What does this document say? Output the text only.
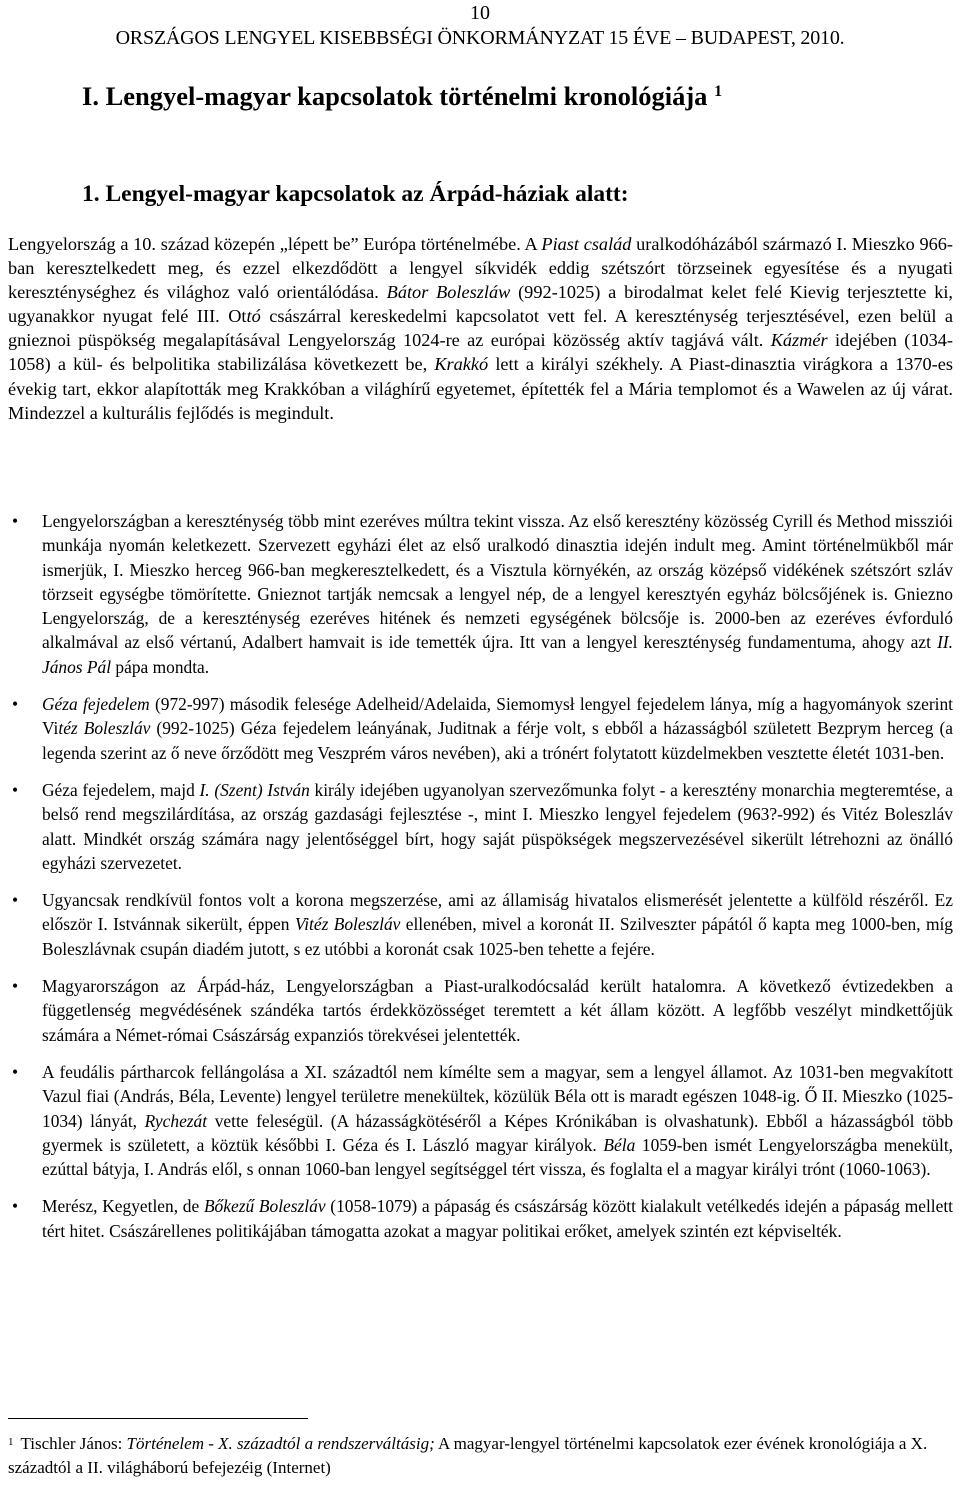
10
ORSZÁGOS LENGYEL KISEBBSÉGI ÖNKORMÁNYZAT 15 ÉVE – BUDAPEST, 2010.
I. Lengyel-magyar kapcsolatok történelmi kronológiája $^1$
1. Lengyel-magyar kapcsolatok az Árpád-háziak alatt:
Lengyelország a 10. század közepén „lépett be” Európa történelmébe. A Piast család uralkodóházából származó I. Mieszko 966-ban keresztelkedett meg, és ezzel elkezdődött a lengyel síkvidék eddig szétszórt törzseinek egyesítése és a nyugati kereszténységhez és világhoz való orientálódása. Bátor Boleszláw (992-1025) a birodalmat kelet felé Kievig terjesztette ki, ugyanakkor nyugat felé III. Ottó császárral kereskedelmi kapcsolatot vett fel. A kereszténység terjesztésével, ezen belül a gnieznoi püspökség megalapításával Lengyelország 1024-re az európai közösség aktív tagjává vált. Kázmér idejében (1034-1058) a kül- és belpolitika stabilizálása következett be, Krakkó lett a királyi székhely. A Piast-dinasztia virágkora a 1370-es évekig tart, ekkor alapították meg Krakkóban a világhírű egyetemet, építették fel a Mária templomot és a Wawelen az új várat. Mindezzel a kulturális fejlődés is megindult.
• Lengyelországban a kereszténység több mint ezeréves múltra tekint vissza. Az első keresztény közösség Cyrill és Method missziói munkája nyomán keletkezett. Szervezett egyházi élet az első uralkodó dinasztia idején indult meg. Amint történelmükből már ismerjük, I. Mieszko herceg 966-ban megkeresztelkedett, és a Visztula környékén, az ország középső vidékének szétszórt szláv törzseit egységbe tömörítette. Gnieznot tartják nemcsak a lengyel nép, de a lengyel keresztyén egyház bölcsőjének is. Gniezno Lengyelország, de a kereszténység ezeréves hitének és nemzeti egységének bölcsője is. 2000-ben az ezeréves évforduló alkalmával az első vértanú, Adalbert hamvait is ide temették újra. Itt van a lengyel kereszténység fundamentuma, ahogy azt II. János Pál pápa mondta.
• Géza fejedelem (972-997) második felesége Adelheid/Adelaida, Siemomysł lengyel fejedelem lánya, míg a hagyományok szerint Vitéz Boleszláv (992-1025) Géza fejedelem leányának, Juditnak a férje volt, s ebből a házasságból született Bezprym herceg (a legenda szerint az ő neve őrződött meg Veszprém város nevében), aki a trónért folytatott küzdelmekben vesztette életét 1031-ben.
• Géza fejedelem, majd I. (Szent) István király idejében ugyanolyan szervezőmunka folyt - a keresztény monarchia megteremtése, a belső rend megszilárdítása, az ország gazdasági fejlesztése -, mint I. Mieszko lengyel fejedelem (963?-992) és Vitéz Boleszláv alatt. Mindkét ország számára nagy jelentőséggel bírt, hogy saját püspökségek megszervezésével sikerült létrehozni az önálló egyházi szervezetet.
• Ugyancsak rendkívül fontos volt a korona megszerzése, ami az államiság hivatalos elismerését jelentette a külföld részéről. Ez először I. Istvánnak sikerült, éppen Vitéz Boleszláv ellenében, mivel a koronát II. Szilveszter pápától ő kapta meg 1000-ben, míg Boleszlávnak csupán diadém jutott, s ez utóbbi a koronát csak 1025-ben tehette a fejére.
• Magyarországon az Árpád-ház, Lengyelországban a Piast-uralkodócsalád került hatalomra. A következő évtizedekben a függetlenség megvédésének szándéka tartós érdekközösséget teremtett a két állam között. A legfőbb veszélyt mindkettőjük számára a Német-római Császárság expanziós törekvései jelentették.
• A feudális pártharcok fellángolása a XI. századtól nem kímélte sem a magyar, sem a lengyel államot. Az 1031-ben megvakított Vazul fiai (András, Béla, Levente) lengyel területre menekültek, közülük Béla ott is maradt egészen 1048-ig. Ő II. Mieszko (1025-1034) lányát, Rychezát vette feleségül. (A házasságkötéséről a Képes Krónikában is olvashatunk). Ebből a házasságból több gyermek is született, a köztük későbbi I. Géza és I. László magyar királyok. Béla 1059-ben ismét Lengyelországba menekült, ezúttal bátyja, I. András elől, s onnan 1060-ban lengyel segítséggel tért vissza, és foglalta el a magyar királyi trónt (1060-1063).
• Merész, Kegyetlen, de Bőkezű Boleszláv (1058-1079) a pápaság és császárság között kialakult vetélkedés idején a pápaság mellett tért hitet. Császárellenes politikájában támogatta azokat a magyar politikai erőket, amelyek szintén ezt képviselték.
$^1$ Tischler János: Történelem - X. századtól a rendszerváltásig; A magyar-lengyel történelmi kapcsolatok ezer évének kronológiája a X. századtól a II. világháború befejezéig (Internet)
